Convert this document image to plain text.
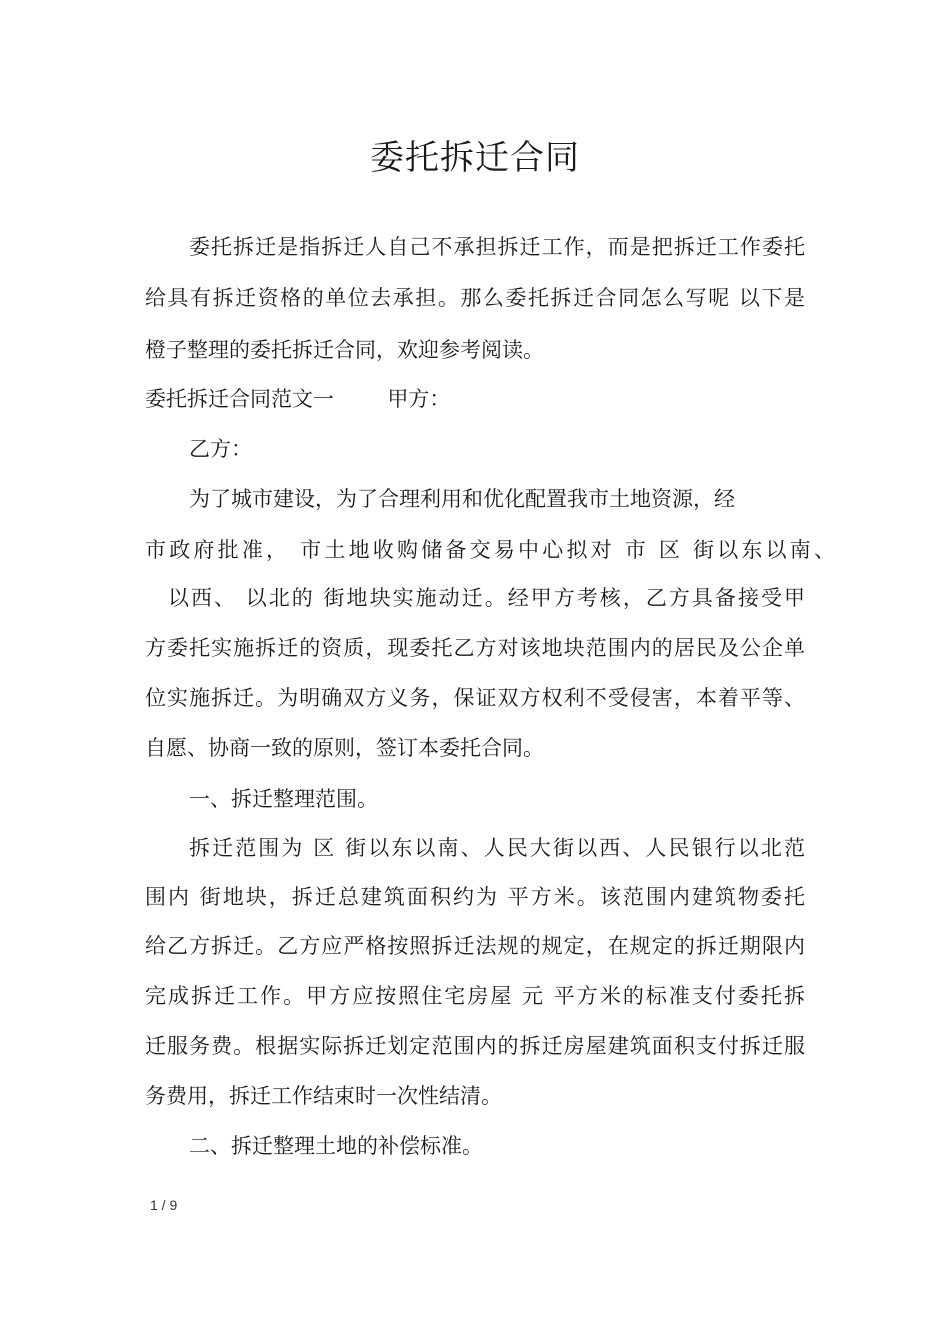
委托拆迁合同
委托拆迁是指拆迁人自己不承担拆迁工作，而是把拆迁工作委托
给具有拆迁资格的单位去承担。那么委托拆迁合同怎么写呢 以下是
橙子整理的委托拆迁合同，欢迎参考阅读。
委托拆迁合同范文一        甲方：
乙方：
为了城市建设，为了合理利用和优化配置我市土地资源，经
市政府批准， 市土地收购储备交易中心拟对 市 区 街以东以南、
以西、 以北的 街地块实施动迁。经甲方考核，乙方具备接受甲
方委托实施拆迁的资质，现委托乙方对该地块范围内的居民及公企单
位实施拆迁。为明确双方义务，保证双方权利不受侵害，本着平等、
自愿、协商一致的原则，签订本委托合同。
一、拆迁整理范围。
拆迁范围为 区 街以东以南、人民大街以西、人民银行以北范
围内 街地块，拆迁总建筑面积约为 平方米。该范围内建筑物委托
给乙方拆迁。乙方应严格按照拆迁法规的规定，在规定的拆迁期限内
完成拆迁工作。甲方应按照住宅房屋 元 平方米的标准支付委托拆
迁服务费。根据实际拆迁划定范围内的拆迁房屋建筑面积支付拆迁服
务费用，拆迁工作结束时一次性结清。
二、拆迁整理土地的补偿标准。
1 / 9
